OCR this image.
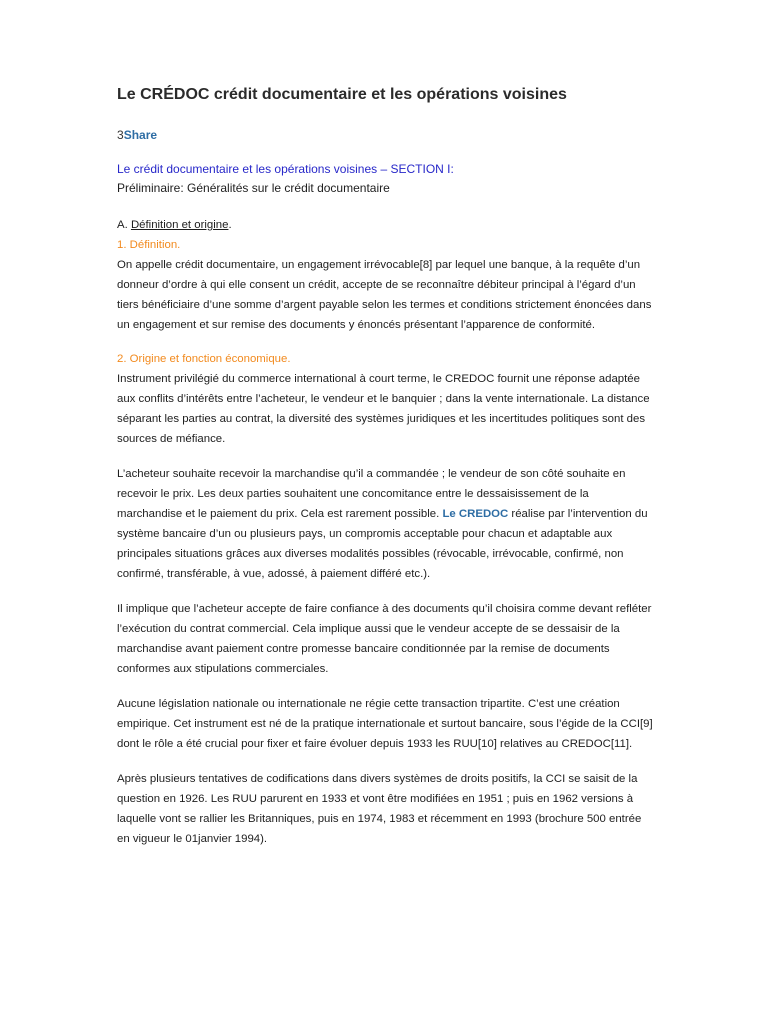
Le CRÉDOC crédit documentaire et les opérations voisines
3Share
Le crédit documentaire et les opérations voisines – SECTION I:
Préliminaire: Généralités sur le crédit documentaire
A. Définition et origine.
1. Définition.

On appelle crédit documentaire, un engagement irrévocable[8] par lequel une banque, à la requête d’un donneur d’ordre à qui elle consent un crédit, accepte de se reconnaître débiteur principal à l’égard d’un tiers bénéficiaire d’une somme d’argent payable selon les termes et conditions strictement énoncées dans un engagement et sur remise des documents y énoncés présentant l’apparence de conformité.

2. Origine et fonction économique.

Instrument privilégié du commerce international à court terme, le CREDOC fournit une réponse adaptée aux conflits d’intérêts entre l’acheteur, le vendeur et le banquier ; dans la vente internationale. La distance séparant les parties au contrat, la diversité des systèmes juridiques et les incertitudes politiques sont des sources de méfiance.

L’acheteur souhaite recevoir la marchandise qu’il a commandée ; le vendeur de son côté souhaite en recevoir le prix. Les deux parties souhaitent une concomitance entre le dessaisissement de la marchandise et le paiement du prix. Cela est rarement possible. Le CREDOC réalise par l’intervention du système bancaire d’un ou plusieurs pays, un compromis acceptable pour chacun et adaptable aux principales situations grâces aux diverses modalités possibles (révocable, irrévocable, confirmé, non confirmé, transférable, à vue, adossé, à paiement différé etc.).

Il implique que l’acheteur accepte de faire confiance à des documents qu’il choisira comme devant refléter l’exécution du contrat commercial. Cela implique aussi que le vendeur accepte de se dessaisir de la marchandise avant paiement contre promesse bancaire conditionnée par la remise de documents conformes aux stipulations commerciales.

Aucune législation nationale ou internationale ne régie cette transaction tripartite. C’est une création empirique. Cet instrument est né de la pratique internationale et surtout bancaire, sous l’égide de la CCI[9] dont le rôle a été crucial pour fixer et faire évoluer depuis 1933 les RUU[10] relatives au CREDOC[11].

Après plusieurs tentatives de codifications dans divers systèmes de droits positifs, la CCI se saisit de la question en 1926. Les RUU parurent en 1933 et vont être modifiées en 1951 ; puis en 1962 versions à laquelle vont se rallier les Britanniques, puis en 1974, 1983 et récemment en 1993 (brochure 500 entrée en vigueur le 01janvier 1994).
